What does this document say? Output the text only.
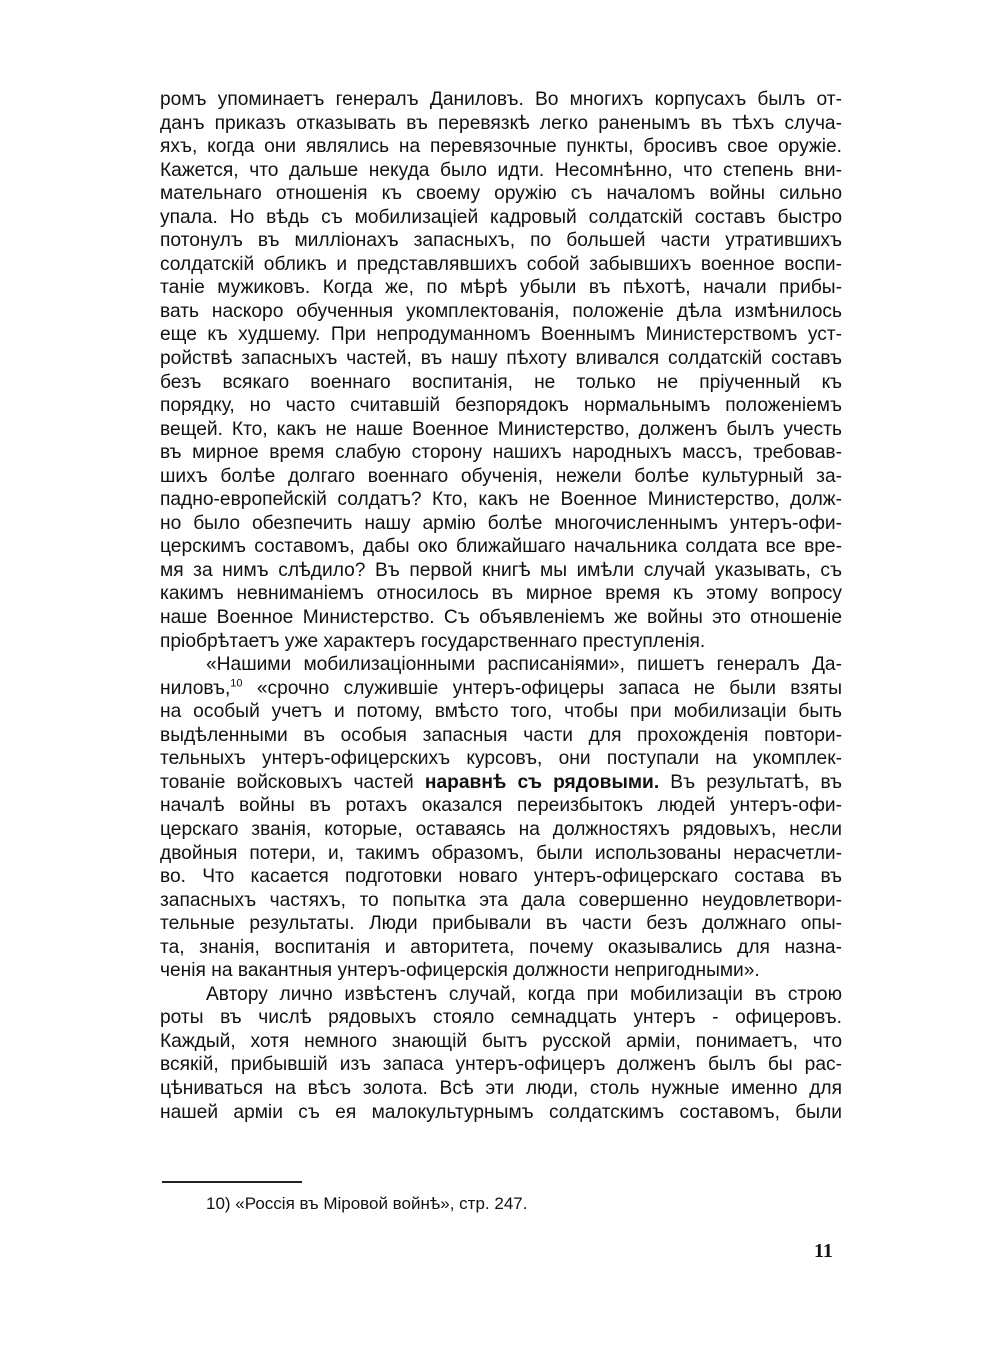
ромъ упоминаетъ генералъ Даниловъ. Во многихъ корпусахъ былъ от-
данъ приказъ отказывать въ перевязкѣ легко раненымъ въ тѣхъ случа-
яхъ, когда они являлись на перевязочные пункты, бросивъ свое оружіе.
Кажется, что дальше некуда было идти. Несомнѣнно, что степень вни-
мательнаго отношенія къ своему оружію съ началомъ войны сильно
упала. Но вѣдь съ мобилизацiей кадровый солдатскій составъ быстро
потонулъ въ милліонахъ запасныхъ, по большей части утратившихъ
солдатскій обликъ и представлявшихъ собой забывшихъ военное воспи-
таніе мужиковъ. Когда же, по мѣрѣ убыли въ пѣхотѣ, начали прибы-
вать наскоро обученныя укомплектованія, положеніе дѣла измѣнилось
еще къ худшему. При непродуманномъ Военнымъ Министерствомъ уст-
ройствѣ запасныхъ частей, въ нашу пѣхоту вливался солдатскій составъ
безъ всякаго военнаго воспитанія, не только не пріученный къ
порядку, но часто считавшій безпорядокъ нормальнымъ положеніемъ
вещей. Кто, какъ не наше Военное Министерство, долженъ былъ учесть
въ мирное время слабую сторону нашихъ народныхъ массъ, требовав-
шихъ болѣе долгаго военнаго обученія, нежели болѣе культурный за-
падно-европейскій солдатъ? Кто, какъ не Военное Министерство, долж-
но было обезпечить нашу армію болѣе многочисленнымъ унтеръ-офи-
церскимъ составомъ, дабы око ближайшаго начальника солдата все вре-
мя за нимъ слѣдило? Въ первой книгѣ мы имѣли случай указывать, съ
какимъ невниманіемъ относилось въ мирное время къ этому вопросу
наше Военное Министерство. Съ объявленіемъ же войны это отношеніе
пріобрѣтаетъ уже характеръ государственнаго преступленія.
«Нашими мобилизаціонными расписаніями», пишетъ генералъ Да-
ниловъ,$^{10}$ «срочно служившіе унтеръ-офицеры запаса не были взяты
на особый учетъ и потому, вмѣсто того, чтобы при мобилизаціи быть
выдѣленными въ особыя запасныя части для прохожденія повтори-
тельныхъ унтеръ-офицерскихъ курсовъ, они поступали на укомплек-
тованіе войсковыхъ частей наравнѣ съ рядовыми. Въ результатѣ, въ
началѣ войны въ ротахъ оказался переизбытокъ людей унтеръ-офи-
церскаго званія, которые, оставаясь на должностяхъ рядовыхъ, несли
двойныя потери, и, такимъ образомъ, были использованы нерасчетли-
во. Что касается подготовки новаго унтеръ-офицерскаго состава въ
запасныхъ частяхъ, то попытка эта дала совершенно неудовлетвори-
тельные результаты. Люди прибывали въ части безъ должнаго опы-
та, знанія, воспитанія и авторитета, почему оказывались для назна-
ченія на вакантныя унтеръ-офицерскія должности непригодными».
Автору лично извѣстенъ случай, когда при мобилизаціи въ строю
роты въ числѣ рядовыхъ стояло семнадцать унтеръ - офицеровъ.
Каждый, хотя немного знающій бытъ русской арміи, понимаетъ, что
всякій, прибывшій изъ запаса унтеръ-офицеръ долженъ былъ бы рас-
цѣниваться на вѣсъ золота. Всѣ эти люди, столь нужные именно для
нашей арміи съ ея малокультурнымъ солдатскимъ составомъ, были
10) «Россія въ Мiровой войнѣ», стр. 247.
11
